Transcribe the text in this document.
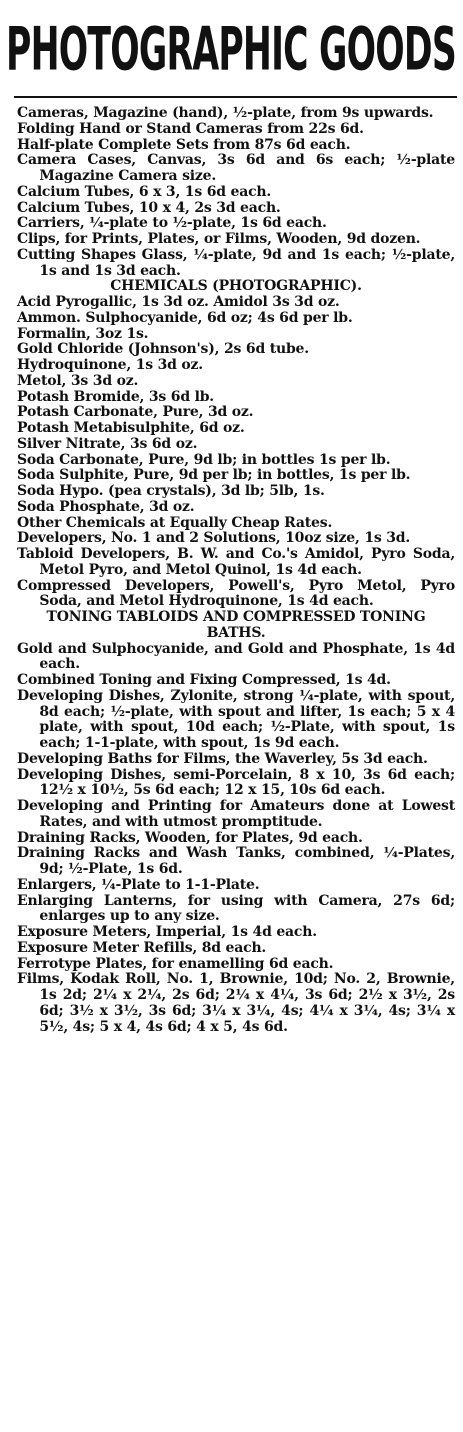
PHOTOGRAPHIC GOODS
Cameras, Magazine (hand), ½-plate, from 9s upwards.
Folding Hand or Stand Cameras from 22s 6d.
Half-plate Complete Sets from 87s 6d each.
Camera Cases, Canvas, 3s 6d and 6s each; ½-plate Magazine Camera size.
Calcium Tubes, 6 x 3, 1s 6d each.
Calcium Tubes, 10 x 4, 2s 3d each.
Carriers, ¼-plate to ½-plate, 1s 6d each.
Clips, for Prints, Plates, or Films, Wooden, 9d dozen.
Cutting Shapes Glass, ¼-plate, 9d and 1s each; ½-plate, 1s and 1s 3d each.
CHEMICALS (PHOTOGRAPHIC).
Acid Pyrogallic, 1s 3d oz. Amidol 3s 3d oz.
Ammon. Sulphocyanide, 6d oz; 4s 6d per lb.
Formalin, 3oz 1s.
Gold Chloride (Johnson's), 2s 6d tube.
Hydroquinone, 1s 3d oz.
Metol, 3s 3d oz.
Potash Bromide, 3s 6d lb.
Potash Carbonate, Pure, 3d oz.
Potash Metabisulphite, 6d oz.
Silver Nitrate, 3s 6d oz.
Soda Carbonate, Pure, 9d lb; in bottles 1s per lb.
Soda Sulphite, Pure, 9d per lb; in bottles, 1s per lb.
Soda Hypo. (pea crystals), 3d lb; 5lb, 1s.
Soda Phosphate, 3d oz.
Other Chemicals at Equally Cheap Rates.
Developers, No. 1 and 2 Solutions, 10oz size, 1s 3d.
Tabloid Developers, B. W. and Co.'s Amidol, Pyro Soda, Metol Pyro, and Metol Quinol, 1s 4d each.
Compressed Developers, Powell's, Pyro Metol, Pyro Soda, and Metol Hydroquinone, 1s 4d each.
TONING TABLOIDS AND COMPRESSED TONING BATHS.
Gold and Sulphocyanide, and Gold and Phosphate, 1s 4d each.
Combined Toning and Fixing Compressed, 1s 4d.
Developing Dishes, Zylonite, strong ¼-plate, with spout, 8d each; ½-plate, with spout and lifter, 1s each; 5 x 4 plate, with spout, 10d each; ½-Plate, with spout, 1s each; 1-1-plate, with spout, 1s 9d each.
Developing Baths for Films, the Waverley, 5s 3d each.
Developing Dishes, semi-Porcelain, 8 x 10, 3s 6d each; 12½ x 10½, 5s 6d each; 12 x 15, 10s 6d each.
Developing and Printing for Amateurs done at Lowest Rates, and with utmost promptitude.
Draining Racks, Wooden, for Plates, 9d each.
Draining Racks and Wash Tanks, combined, ¼-Plates, 9d; ½-Plate, 1s 6d.
Enlargers, ¼-Plate to 1-1-Plate.
Enlarging Lanterns, for using with Camera, 27s 6d; enlarges up to any size.
Exposure Meters, Imperial, 1s 4d each.
Exposure Meter Refills, 8d each.
Ferrotype Plates, for enamelling 6d each.
Films, Kodak Roll, No. 1, Brownie, 10d; No. 2, Brownie, 1s 2d; 2¼ x 2¼, 2s 6d; 2¼ x 4¼, 3s 6d; 2½ x 3½, 2s 6d; 3½ x 3½, 3s 6d; 3¼ x 3¼, 4s; 4¼ x 3¼, 4s; 3¼ x 5½, 4s; 5 x 4, 4s 6d; 4 x 5, 4s 6d.
